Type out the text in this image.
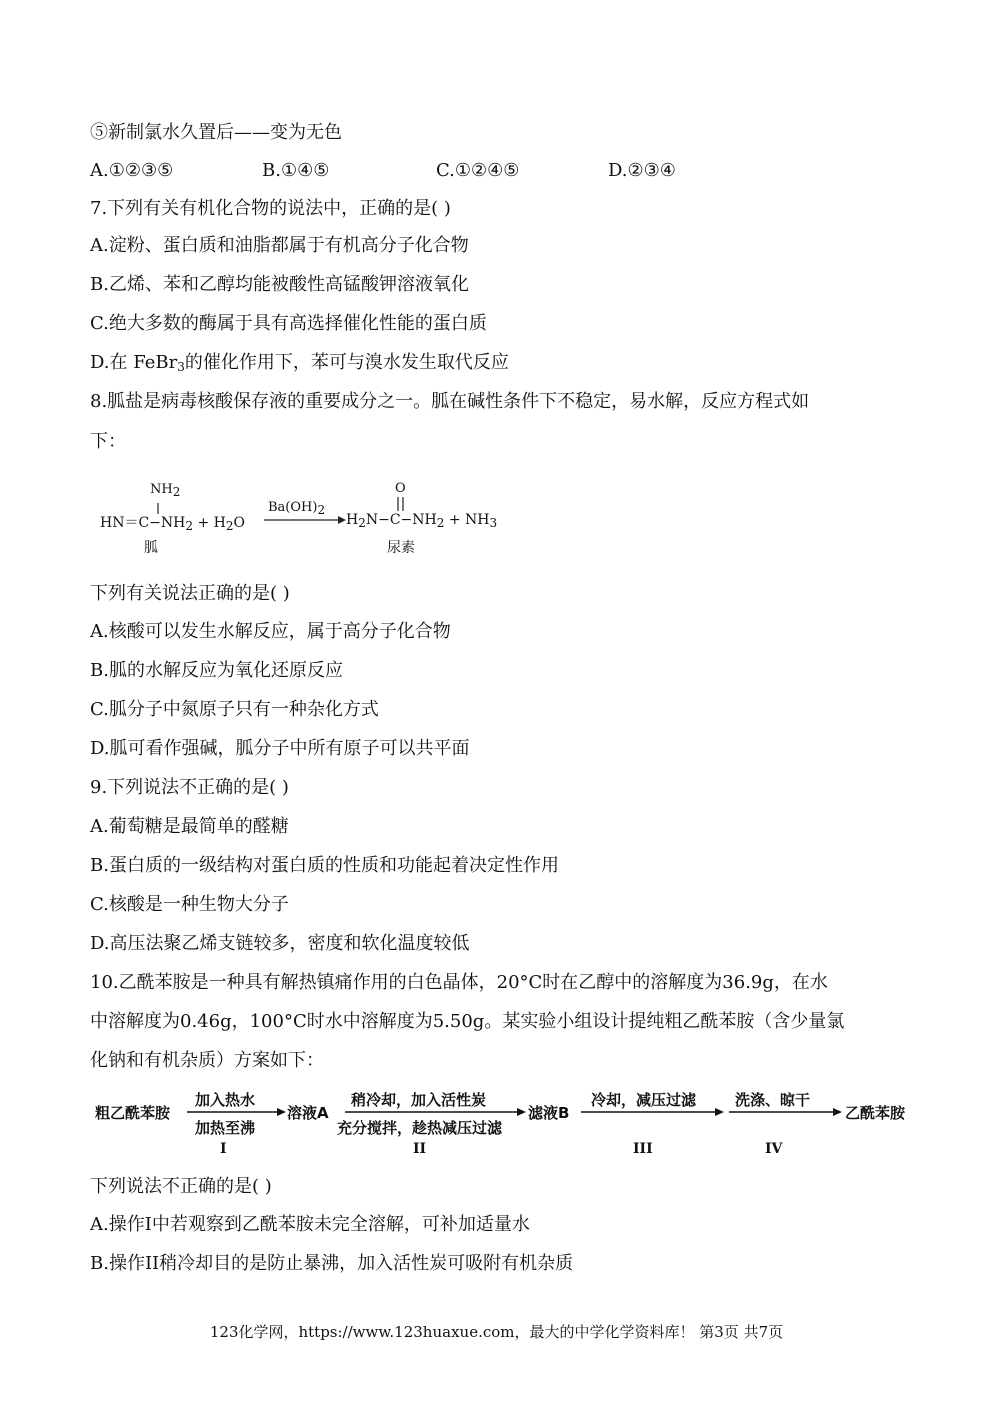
⑤新制氯水久置后——变为无色
A.①②③⑤	B.①④⑤	C.①②④⑤	D.②③④
7.下列有关有机化合物的说法中，正确的是( )
A.淀粉、蛋白质和油脂都属于有机高分子化合物
B.乙烯、苯和乙醇均能被酸性高锰酸钾溶液氧化
C.绝大多数的酶属于具有高选择催化性能的蛋白质
D.在 FeBr$_3$的催化作用下，苯可与溴水发生取代反应
8.胍盐是病毒核酸保存液的重要成分之一。胍在碱性条件下不稳定，易水解，反应方程式如
下：
NH2
HN＝C−NH2 + H2O
Ba(OH)2
O
H2N−C−NH2 + NH3
胍	尿素
下列有关说法正确的是( )
A.核酸可以发生水解反应，属于高分子化合物
B.胍的水解反应为氧化还原反应
C.胍分子中氮原子只有一种杂化方式
D.胍可看作强碱，胍分子中所有原子可以共平面
9.下列说法不正确的是( )
A.葡萄糖是最简单的醛糖
B.蛋白质的一级结构对蛋白质的性质和功能起着决定性作用
C.核酸是一种生物大分子
D.高压法聚乙烯支链较多，密度和软化温度较低
10.乙酰苯胺是一种具有解热镇痛作用的白色晶体，20°C时在乙醇中的溶解度为36.9g，在水
中溶解度为0.46g，100°C时水中溶解度为5.50g。某实验小组设计提纯粗乙酰苯胺（含少量氯
化钠和有机杂质）方案如下：
粗乙酰苯胺
加入热水
加热至沸
I
溶液A
稍冷却，加入活性炭
充分搅拌，趁热减压过滤
II
滤液B
冷却，减压过滤
III
洗涤、晾干
IV
乙酰苯胺
下列说法不正确的是( )
A.操作I中若观察到乙酰苯胺未完全溶解，可补加适量水
B.操作II稍冷却目的是防止暴沸，加入活性炭可吸附有机杂质
123化学网，https://www.123huaxue.com，最大的中学化学资料库！ 第3页 共7页
